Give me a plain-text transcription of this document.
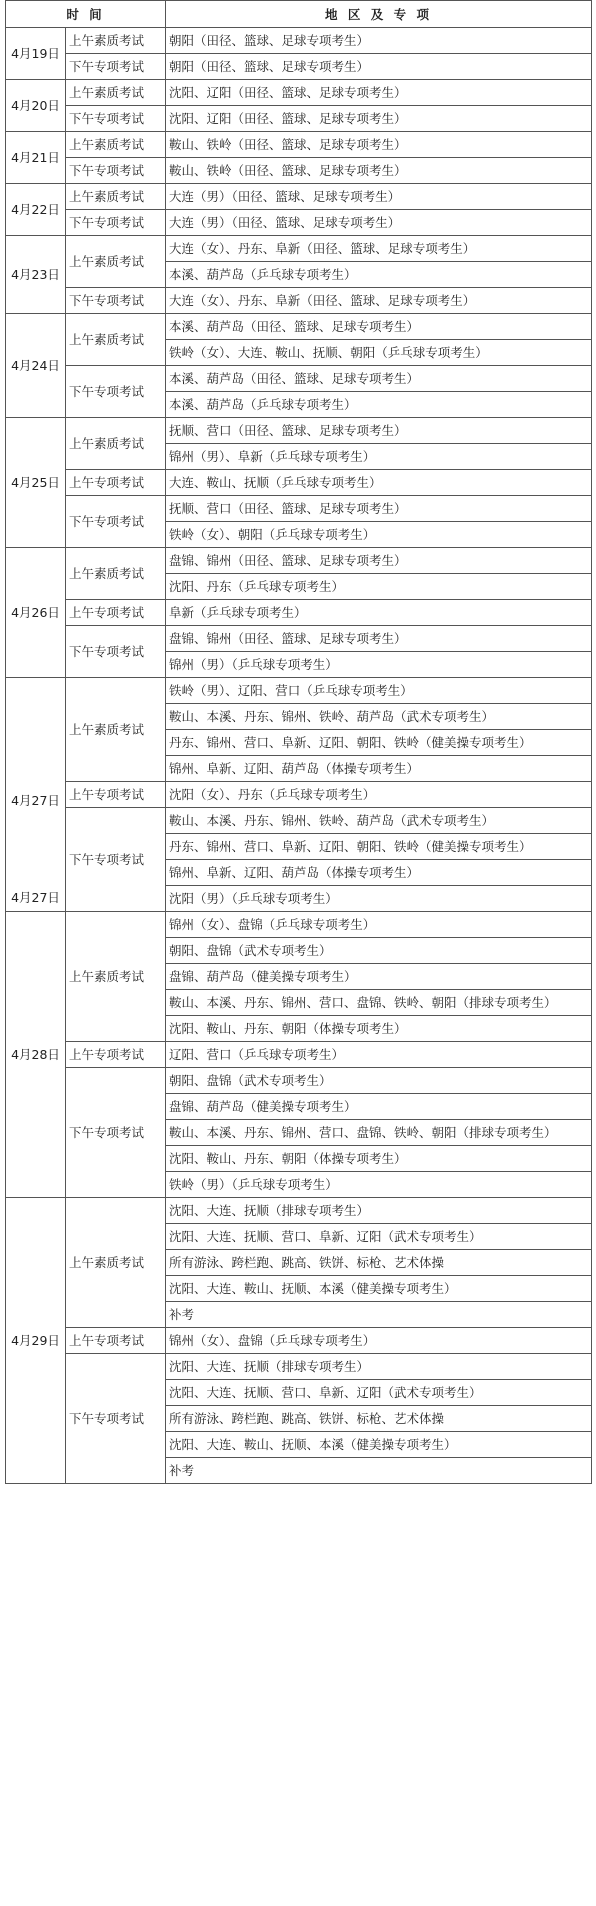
时 间		地 区 及 专 项
4月19日	上午素质考试	朝阳（田径、篮球、足球专项考生）
	下午专项考试	朝阳（田径、篮球、足球专项考生）
4月20日	上午素质考试	沈阳、辽阳（田径、篮球、足球专项考生）
	下午专项考试	沈阳、辽阳（田径、篮球、足球专项考生）
4月21日	上午素质考试	鞍山、铁岭（田径、篮球、足球专项考生）
	下午专项考试	鞍山、铁岭（田径、篮球、足球专项考生）
4月22日	上午素质考试	大连（男）（田径、篮球、足球专项考生）
	下午专项考试	大连（男）（田径、篮球、足球专项考生）
4月23日	上午素质考试	大连（女）、丹东、阜新（田径、篮球、足球专项考生）
		本溪、葫芦岛（乒乓球专项考生）
	下午专项考试	大连（女）、丹东、阜新（田径、篮球、足球专项考生）
4月24日	上午素质考试	本溪、葫芦岛（田径、篮球、足球专项考生）
		铁岭（女）、大连、鞍山、抚顺、朝阳（乒乓球专项考生）
	下午专项考试	本溪、葫芦岛（田径、篮球、足球专项考生）
		本溪、葫芦岛（乒乓球专项考生）
4月25日	上午素质考试	抚顺、营口（田径、篮球、足球专项考生）
		锦州（男）、阜新（乒乓球专项考生）
	上午专项考试	大连、鞍山、抚顺（乒乓球专项考生）
	下午专项考试	抚顺、营口（田径、篮球、足球专项考生）
		铁岭（女）、朝阳（乒乓球专项考生）
4月26日	上午素质考试	盘锦、锦州（田径、篮球、足球专项考生）
		沈阳、丹东（乒乓球专项考生）
	上午专项考试	阜新（乒乓球专项考生）
	下午专项考试	盘锦、锦州（田径、篮球、足球专项考生）
		锦州（男）（乒乓球专项考生）

4月27日
4月27日	上午素质考试	铁岭（男）、辽阳、营口（乒乓球专项考生）
		鞍山、本溪、丹东、锦州、铁岭、葫芦岛（武术专项考生）
		丹东、锦州、营口、阜新、辽阳、朝阳、铁岭（健美操专项考生）
		锦州、阜新、辽阳、葫芦岛（体操专项考生）
	上午专项考试	沈阳（女）、丹东（乒乓球专项考生）
	下午专项考试	鞍山、本溪、丹东、锦州、铁岭、葫芦岛（武术专项考生）
		丹东、锦州、营口、阜新、辽阳、朝阳、铁岭（健美操专项考生）
		锦州、阜新、辽阳、葫芦岛（体操专项考生）
		沈阳（男）（乒乓球专项考生）
4月28日	上午素质考试	锦州（女）、盘锦（乒乓球专项考生）
		朝阳、盘锦（武术专项考生）
		盘锦、葫芦岛（健美操专项考生）
		鞍山、本溪、丹东、锦州、营口、盘锦、铁岭、朝阳（排球专项考生）
		沈阳、鞍山、丹东、朝阳（体操专项考生）
	上午专项考试	辽阳、营口（乒乓球专项考生）
	下午专项考试	朝阳、盘锦（武术专项考生）
		盘锦、葫芦岛（健美操专项考生）
		鞍山、本溪、丹东、锦州、营口、盘锦、铁岭、朝阳（排球专项考生）
		沈阳、鞍山、丹东、朝阳（体操专项考生）
		铁岭（男）（乒乓球专项考生）
4月29日	上午素质考试	沈阳、大连、抚顺（排球专项考生）
		沈阳、大连、抚顺、营口、阜新、辽阳（武术专项考生）
		所有游泳、跨栏跑、跳高、铁饼、标枪、艺术体操
		沈阳、大连、鞍山、抚顺、本溪（健美操专项考生）
		补考
	上午专项考试	锦州（女）、盘锦（乒乓球专项考生）
	下午专项考试	沈阳、大连、抚顺（排球专项考生）
		沈阳、大连、抚顺、营口、阜新、辽阳（武术专项考生）
		所有游泳、跨栏跑、跳高、铁饼、标枪、艺术体操
		沈阳、大连、鞍山、抚顺、本溪（健美操专项考生）
		补考
